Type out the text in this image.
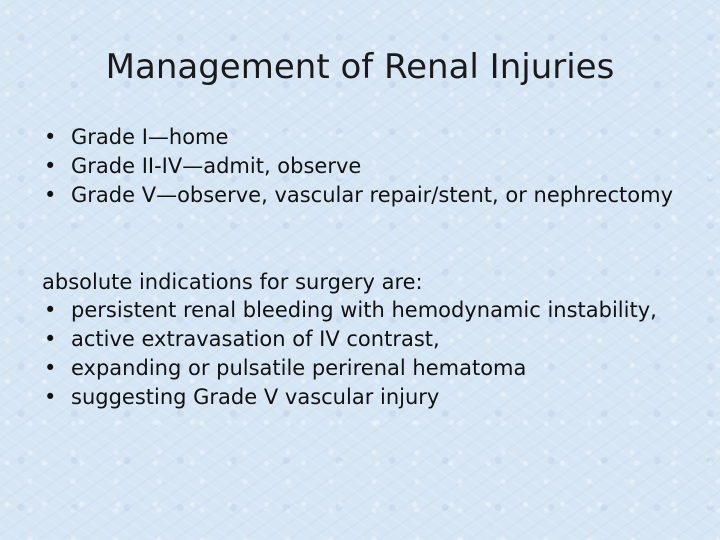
Management of Renal Injuries
• Grade I—home
• Grade II-IV—admit, observe
• Grade V—observe, vascular repair/stent, or nephrectomy
absolute indications for surgery are:
• persistent renal bleeding with hemodynamic instability,
• active extravasation of IV contrast,
• expanding or pulsatile perirenal hematoma
• suggesting Grade V vascular injury
